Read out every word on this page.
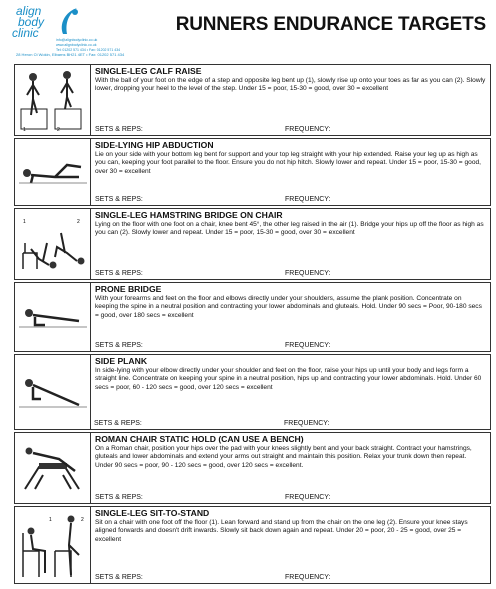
align
body
clinic	info@alignbodyclinic.co.uk
www.alignbodyclinic.co.uk
Tel: 01202 571 434 • Fax: 01202 571 434
28 Heron Ct Wokin, Elbarns BH21 4ET • Fax: 01202 571 434
RUNNERS ENDURANCE TARGETS
1	2
SINGLE-LEG CALF RAISE
With the ball of your foot on the edge of a step and opposite leg bent up (1), slowly rise up onto your toes as far as you can (2). Slowly lower, dropping your heel to the level of the step. Under 15 = poor, 15-30 = good, over 30 = excellent
SETS & REPS:	FREQUENCY:
SIDE-LYING HIP ABDUCTION
Lie on your side with your bottom leg bent for support and your top leg straight with your hip extended. Raise your leg up as high as you can, keeping your foot parallel to the floor. Ensure you do not hip hitch. Slowly lower and repeat. Under 15 = poor, 15-30 = good, over 30 = excellent
SETS & REPS:	FREQUENCY:
1	2
SINGLE-LEG HAMSTRING BRIDGE ON CHAIR
Lying on the floor with one foot on a chair, knee bent 45°, the other leg raised in the air (1). Bridge your hips up off the floor as high as you can (2). Slowly lower and repeat. Under 15 = poor, 15-30 = good, over 30 = excellent
SETS & REPS:	FREQUENCY:
PRONE BRIDGE
With your forearms and feet on the floor and elbows directly under your shoulders, assume the plank position. Concentrate on keeping the spine in a neutral position and contracting your lower abdominals and gluteals. Hold. Under 90 secs = Poor, 90-180 secs = good, over 180 secs = excellent
SETS & REPS:	FREQUENCY:
SIDE PLANK
In side-lying with your elbow directly under your shoulder and feet on the floor, raise your hips up until your body and legs form a straight line. Concentrate on keeping your spine in a neutral position, hips up and contracting your lower abdominals. Hold. Under 60 secs = poor, 60 - 120 secs = good, over 120 secs = excellent
ROMAN CHAIR STATIC HOLD (CAN USE A BENCH)
On a Roman chair, position your hips over the pad with your knees slightly bent and your back straight. Contract your hamstrings, gluteals and lower abdominals and extend your arms out straight and maintain this position. Relax your trunk down then repeat. Under 90 secs = poor, 90 - 120 secs = good, over 120 secs = excellent.
SETS & REPS:	FREQUENCY:
1	2
SINGLE-LEG SIT-TO-STAND
Sit on a chair with one foot off the floor (1). Lean forward and stand up from the chair on the one leg (2). Ensure your knee stays aligned forwards and doesn't drift inwards. Slowly sit back down again and repeat. Under 20 = poor, 20 - 25 = good, over 25 = excellent
SETS & REPS:	FREQUENCY:
SETS & REPS:	FREQUENCY:
